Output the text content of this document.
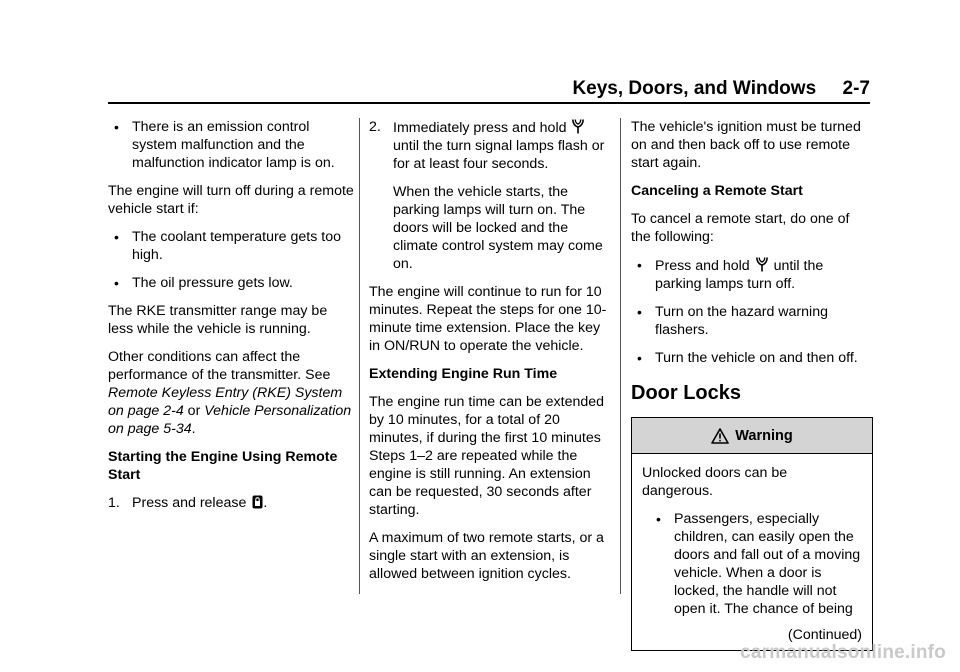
Keys, Doors, and Windows     2-7
• There is an emission control system malfunction and the malfunction indicator lamp is on.

The engine will turn off during a remote vehicle start if:

• The coolant temperature gets too high.
• The oil pressure gets low.

The RKE transmitter range may be less while the vehicle is running.

Other conditions can affect the performance of the transmitter. See Remote Keyless Entry (RKE) System on page 2-4 or Vehicle Personalization on page 5-34.

Starting the Engine Using Remote Start

1. Press and release .
2. Immediately press and hold
until the turn signal lamps flash or for at least four seconds.

When the vehicle starts, the parking lamps will turn on. The doors will be locked and the climate control system may come on.

The engine will continue to run for 10 minutes. Repeat the steps for one 10-minute time extension. Place the key in ON/RUN to operate the vehicle.

Extending Engine Run Time

The engine run time can be extended by 10 minutes, for a total of 20 minutes, if during the first 10 minutes Steps 1–2 are repeated while the engine is still running. An extension can be requested, 30 seconds after starting.

A maximum of two remote starts, or a single start with an extension, is allowed between ignition cycles.

The vehicle's ignition must be turned on and then back off to use remote start again.

Canceling a Remote Start

To cancel a remote start, do one of the following:

• Press and hold until the parking lamps turn off.
• Turn on the hazard warning flashers.
• Turn the vehicle on and then off.
Door Locks
Warning

Unlocked doors can be dangerous.

• Passengers, especially children, can easily open the doors and fall out of a moving vehicle. When a door is locked, the handle will not open it. The chance of being
(Continued)
carmanualsonline.info
